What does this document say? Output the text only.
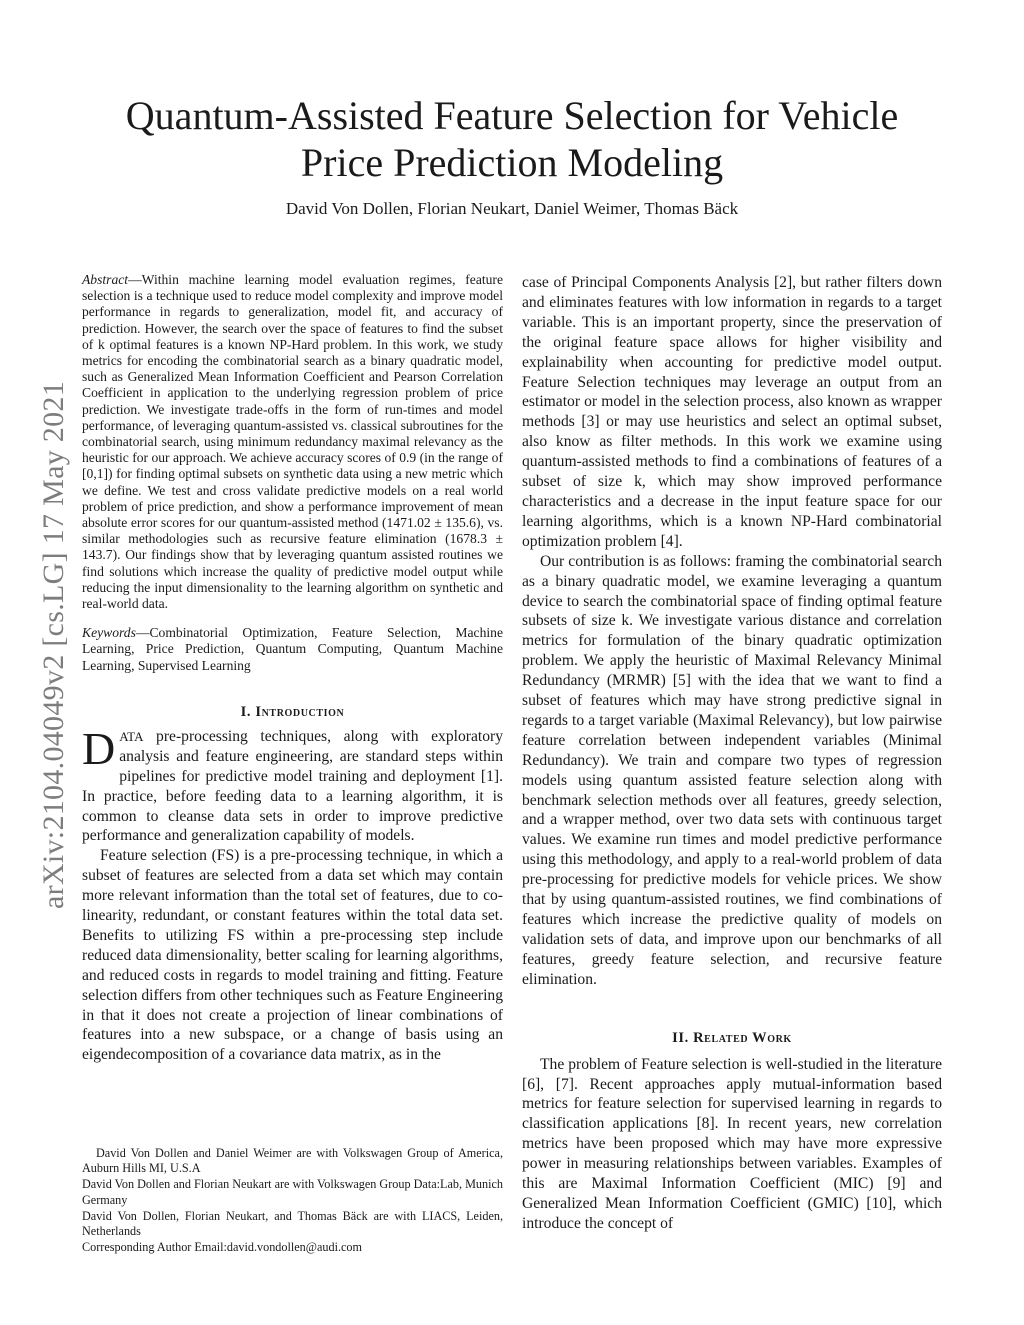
arXiv:2104.04049v2 [cs.LG] 17 May 2021
Quantum-Assisted Feature Selection for Vehicle Price Prediction Modeling
David Von Dollen, Florian Neukart, Daniel Weimer, Thomas Bäck

Abstract—Within machine learning model evaluation regimes, feature selection is a technique used to reduce model complexity and improve model performance in regards to generalization, model fit, and accuracy of prediction. However, the search over the space of features to find the subset of k optimal features is a known NP-Hard problem. In this work, we study metrics for encoding the combinatorial search as a binary quadratic model, such as Generalized Mean Information Coefficient and Pearson Correlation Coefficient in application to the underlying regression problem of price prediction. We investigate trade-offs in the form of run-times and model performance, of leveraging quantum-assisted vs. classical subroutines for the combinatorial search, using minimum redundancy maximal relevancy as the heuristic for our approach. We achieve accuracy scores of 0.9 (in the range of [0,1]) for finding optimal subsets on synthetic data using a new metric which we define. We test and cross validate predictive models on a real world problem of price prediction, and show a performance improvement of mean absolute error scores for our quantum-assisted method (1471.02 ± 135.6), vs. similar methodologies such as recursive feature elimination (1678.3 ± 143.7). Our findings show that by leveraging quantum assisted routines we find solutions which increase the quality of predictive model output while reducing the input dimensionality to the learning algorithm on synthetic and real-world data.

Keywords—Combinatorial Optimization, Feature Selection, Machine Learning, Price Prediction, Quantum Computing, Quantum Machine Learning, Supervised Learning

I. Introduction

DATA pre-processing techniques, along with exploratory analysis and feature engineering, are standard steps within pipelines for predictive model training and deployment [1]. In practice, before feeding data to a learning algorithm, it is common to cleanse data sets in order to improve predictive performance and generalization capability of models.

Feature selection (FS) is a pre-processing technique, in which a subset of features are selected from a data set which may contain more relevant information than the total set of features, due to co-linearity, redundant, or constant features within the total data set. Benefits to utilizing FS within a pre-processing step include reduced data dimensionality, better scaling for learning algorithms, and reduced costs in regards to model training and fitting. Feature selection differs from other techniques such as Feature Engineering in that it does not create a projection of linear combinations of features into a new subspace, or a change of basis using an eigendecomposition of a covariance data matrix, as in the

David Von Dollen and Daniel Weimer are with Volkswagen Group of America, Auburn Hills MI, U.S.A

David Von Dollen and Florian Neukart are with Volkswagen Group Data:Lab, Munich Germany

David Von Dollen, Florian Neukart, and Thomas Bäck are with LIACS, Leiden, Netherlands

Corresponding Author Email:david.vondollen@audi.com

case of Principal Components Analysis [2], but rather filters down and eliminates features with low information in regards to a target variable. This is an important property, since the preservation of the original feature space allows for higher visibility and explainability when accounting for predictive model output. Feature Selection techniques may leverage an output from an estimator or model in the selection process, also known as wrapper methods [3] or may use heuristics and select an optimal subset, also know as filter methods. In this work we examine using quantum-assisted methods to find a combinations of features of a subset of size k, which may show improved performance characteristics and a decrease in the input feature space for our learning algorithms, which is a known NP-Hard combinatorial optimization problem [4].

Our contribution is as follows: framing the combinatorial search as a binary quadratic model, we examine leveraging a quantum device to search the combinatorial space of finding optimal feature subsets of size k. We investigate various distance and correlation metrics for formulation of the binary quadratic optimization problem. We apply the heuristic of Maximal Relevancy Minimal Redundancy (MRMR) [5] with the idea that we want to find a subset of features which may have strong predictive signal in regards to a target variable (Maximal Relevancy), but low pairwise feature correlation between independent variables (Minimal Redundancy). We train and compare two types of regression models using quantum assisted feature selection along with benchmark selection methods over all features, greedy selection, and a wrapper method, over two data sets with continuous target values. We examine run times and model predictive performance using this methodology, and apply to a real-world problem of data pre-processing for predictive models for vehicle prices. We show that by using quantum-assisted routines, we find combinations of features which increase the predictive quality of models on validation sets of data, and improve upon our benchmarks of all features, greedy feature selection, and recursive feature elimination.

II. Related Work

The problem of Feature selection is well-studied in the literature [6], [7]. Recent approaches apply mutual-information based metrics for feature selection for supervised learning in regards to classification applications [8]. In recent years, new correlation metrics have been proposed which may have more expressive power in measuring relationships between variables. Examples of this are Maximal Information Coefficient (MIC) [9] and Generalized Mean Information Coefficient (GMIC) [10], which introduce the concept of
